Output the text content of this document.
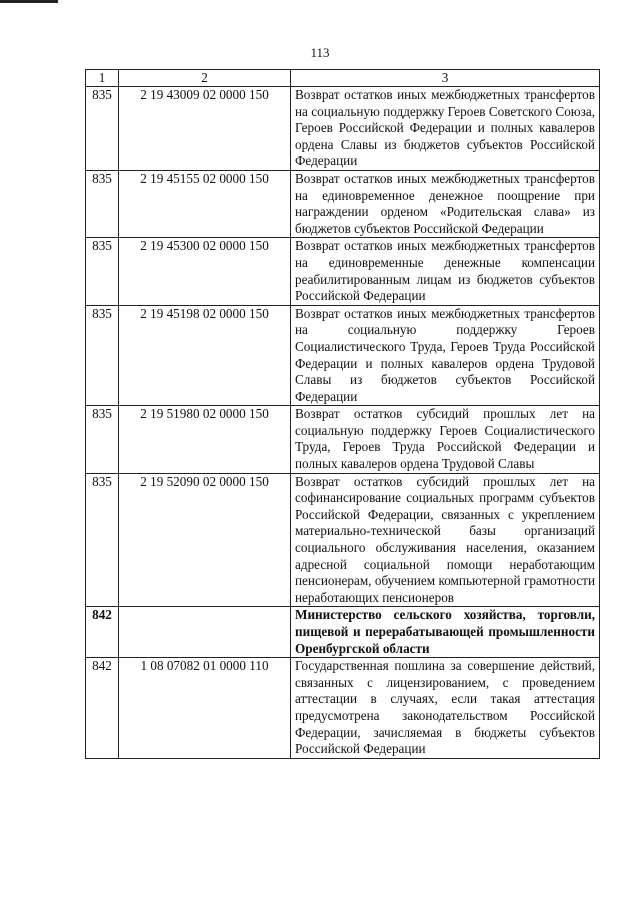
113
1	2	3
835	2 19 43009 02 0000 150	Возврат остатков иных межбюджетных трансфертов на социальную поддержку Героев Советского Союза, Героев Российской Федерации и полных кавалеров ордена Славы из бюджетов субъектов Российской Федерации
835	2 19 45155 02 0000 150	Возврат остатков иных межбюджетных трансфертов на единовременное денежное поощрение при награждении орденом «Родительская слава» из бюджетов субъектов Российской Федерации
835	2 19 45300 02 0000 150	Возврат остатков иных межбюджетных трансфертов на единовременные денежные компенсации реабилитированным лицам из бюджетов субъектов Российской Федерации
835	2 19 45198 02 0000 150	Возврат остатков иных межбюджетных трансфертов на социальную поддержку Героев Социалистического Труда, Героев Труда Российской Федерации и полных кавалеров ордена Трудовой Славы из бюджетов субъектов Российской Федерации
835	2 19 51980 02 0000 150	Возврат остатков субсидий прошлых лет на социальную поддержку Героев Социалистического Труда, Героев Труда Российской Федерации и полных кавалеров ордена Трудовой Славы
835	2 19 52090 02 0000 150	Возврат остатков субсидий прошлых лет на софинансирование социальных программ субъектов Российской Федерации, связанных с укреплением материально-технической базы организаций социального обслуживания населения, оказанием адресной социальной помощи неработающим пенсионерам, обучением компьютерной грамотности неработающих пенсионеров
842		Министерство сельского хозяйства, торговли, пищевой и перерабатывающей промышленности Оренбургской области
842	1 08 07082 01 0000 110	Государственная пошлина за совершение действий, связанных с лицензированием, с проведением аттестации в случаях, если такая аттестация предусмотрена законодательством Российской Федерации, зачисляемая в бюджеты субъектов Российской Федерации
